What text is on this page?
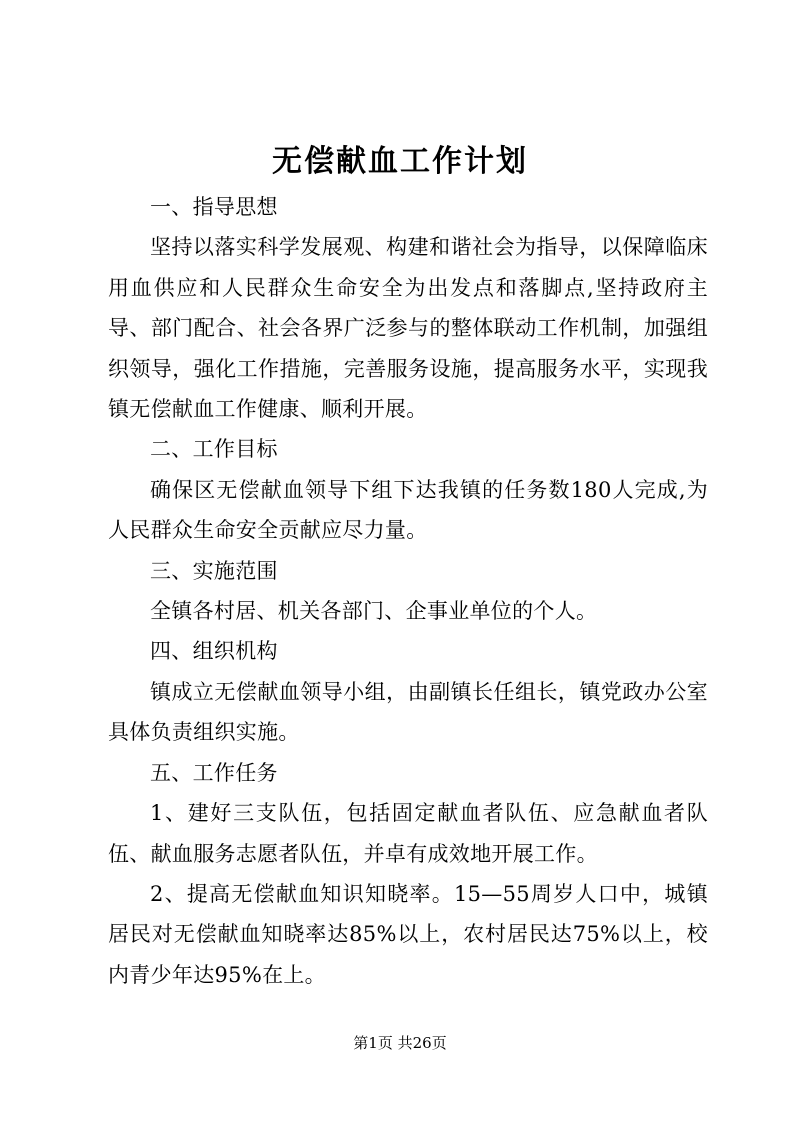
无偿献血工作计划

一、指导思想

坚持以落实科学发展观、构建和谐社会为指导，以保障临床用血供应和人民群众生命安全为出发点和落脚点,坚持政府主导、部门配合、社会各界广泛参与的整体联动工作机制，加强组织领导，强化工作措施，完善服务设施，提高服务水平，实现我镇无偿献血工作健康、顺利开展。

二、工作目标

确保区无偿献血领导下组下达我镇的任务数180人完成,为人民群众生命安全贡献应尽力量。

三、实施范围

全镇各村居、机关各部门、企事业单位的个人。

四、组织机构

镇成立无偿献血领导小组，由副镇长任组长，镇党政办公室具体负责组织实施。

五、工作任务

1、建好三支队伍，包括固定献血者队伍、应急献血者队伍、献血服务志愿者队伍，并卓有成效地开展工作。

2、提高无偿献血知识知晓率。15—55周岁人口中，城镇居民对无偿献血知晓率达85%以上，农村居民达75%以上，校内青少年达95%在上。

第1页 共26页
